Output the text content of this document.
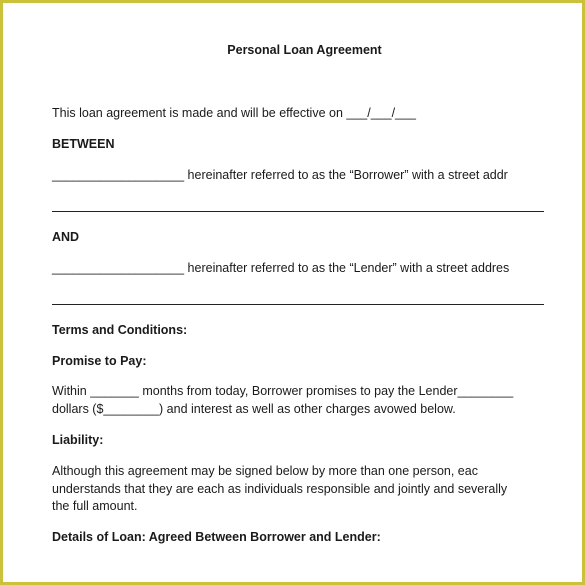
Personal Loan Agreement
This loan agreement is made and will be effective on ___/___/___
BETWEEN
___________________ hereinafter referred to as the “Borrower” with a street addr
AND
___________________ hereinafter referred to as the “Lender” with a street addres
Terms and Conditions:
Promise to Pay:
Within _______ months from today, Borrower promises to pay the Lender________
dollars ($________) and interest as well as other charges avowed below.
Liability:
Although this agreement may be signed below by more than one person, eac
understands that they are each as individuals responsible and jointly and severally
the full amount.
Details of Loan: Agreed Between Borrower and Lender:
